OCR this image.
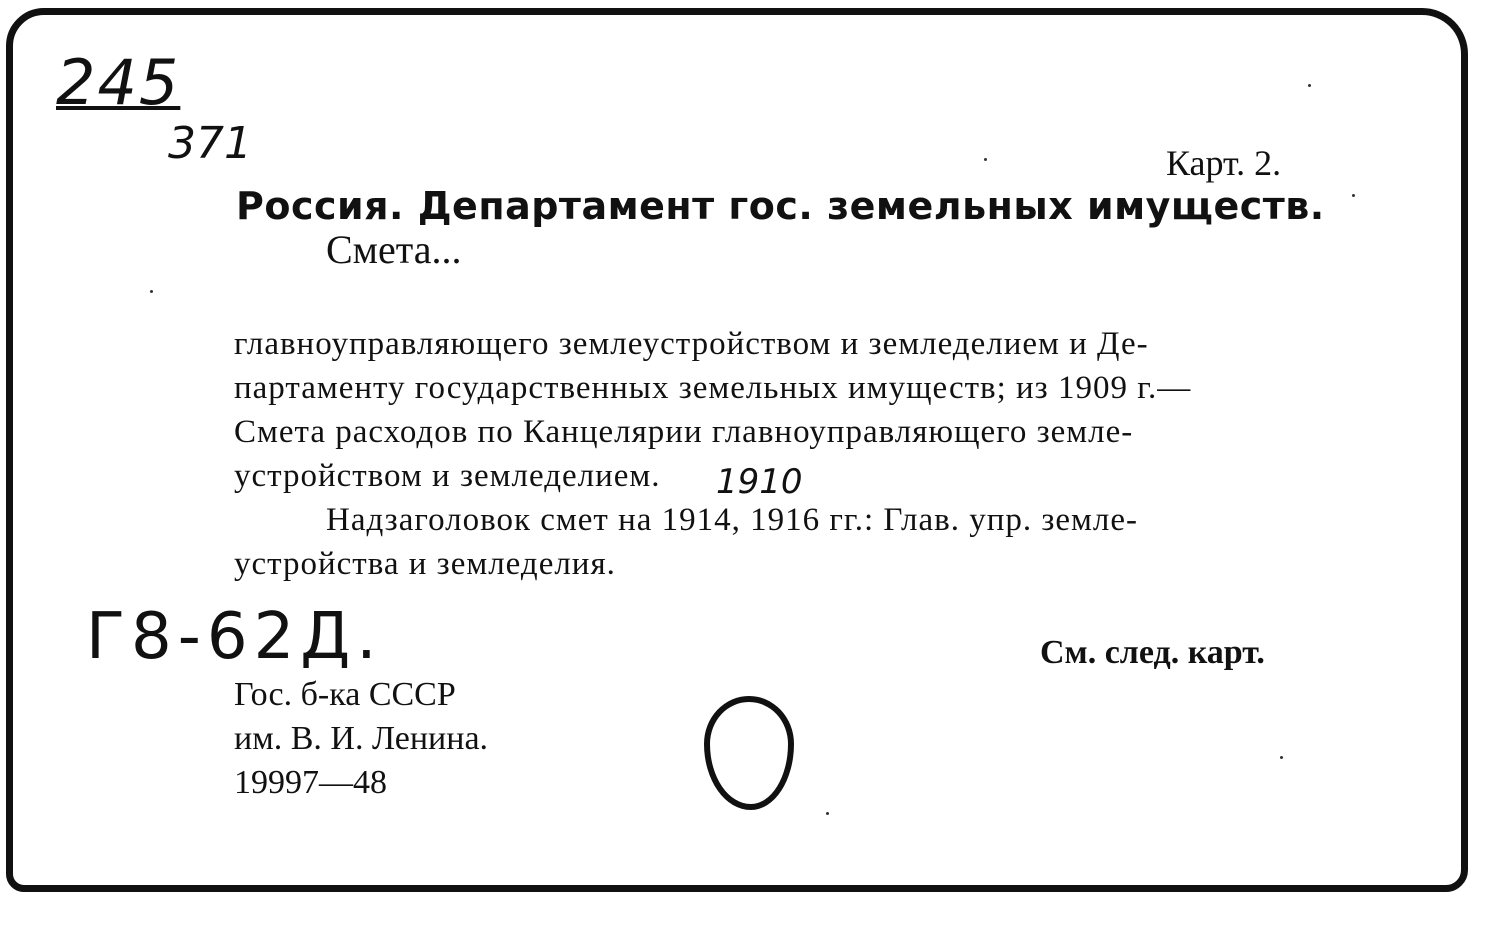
245
371	Карт. 2.
Россия. Департамент гос. земельных имуществ.
Смета...
главноуправляющего землеустройством и земледелием и Де-
партаменту государственных земельных имуществ; из 1909 г.—
Смета расходов по Канцелярии главноуправляющего земле-
устройством и земледелием. 1910
Надзаголовок смет на 1914, 1916 гг.: Глав. упр. земле-
устройства и земледелия.
Г8-62Д.	См. след. карт.
Гос. б-ка СССР
им. В. И. Ленина.
19997—48
